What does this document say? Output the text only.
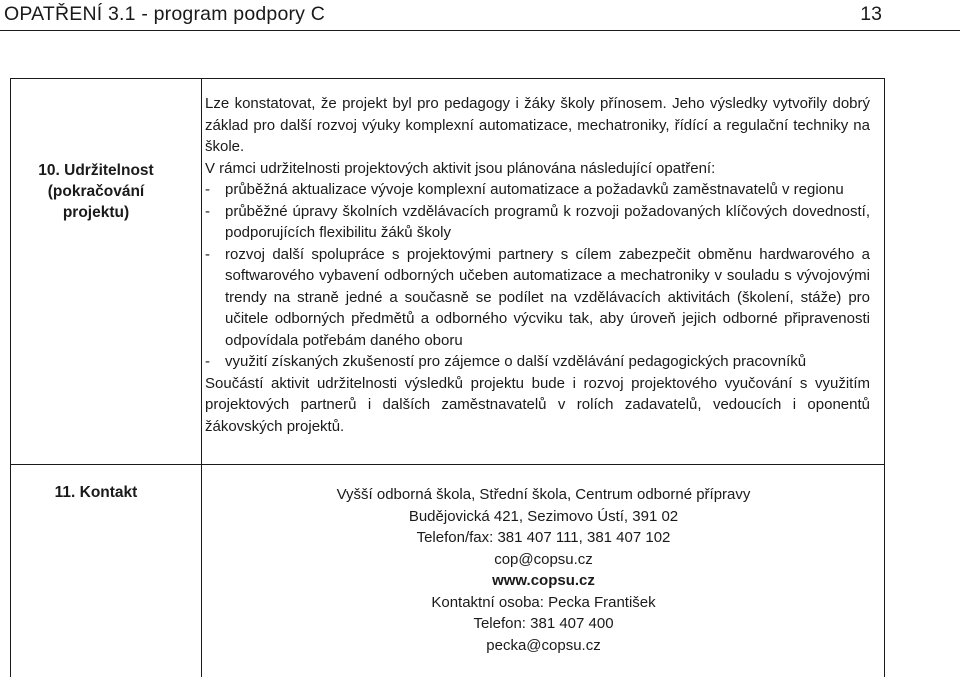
OPATŘENÍ 3.1 - program podpory C	13
10. Udržitelnost
(pokračování
projektu)
11. Kontakt

Lze konstatovat, že projekt byl pro pedagogy i žáky školy přínosem. Jeho výsledky vytvořily dobrý základ pro další rozvoj výuky komplexní automatizace, mechatroniky, řídící a regulační techniky na škole.

V rámci udržitelnosti projektových aktivit jsou plánována následující opatření:

- průběžná aktualizace vývoje komplexní automatizace a požadavků zaměstnavatelů v regionu
- průběžné úpravy školních vzdělávacích programů k rozvoji požadovaných klíčových dovedností, podporujících flexibilitu žáků školy
- rozvoj další spolupráce s projektovými partnery s cílem zabezpečit obměnu hardwarového a softwarového vybavení odborných učeben automatizace a mechatroniky v souladu s vývojovými trendy na straně jedné a současně se podílet na vzdělávacích aktivitách (školení, stáže) pro učitele odborných předmětů a odborného výcviku tak, aby úroveň jejich odborné připravenosti odpovídala potřebám daného oboru
- využití získaných zkušeností pro zájemce o další vzdělávání pedagogických pracovníků

Součástí aktivit udržitelnosti výsledků projektu bude i rozvoj projektového vyučování s využitím projektových partnerů i dalších zaměstnavatelů v rolích zadavatelů, vedoucích i oponentů žákovských projektů.

Vyšší odborná škola, Střední škola, Centrum odborné přípravy
Budějovická 421, Sezimovo Ústí, 391 02
Telefon/fax: 381 407 111, 381 407 102
cop@copsu.cz
www.copsu.cz
Kontaktní osoba: Pecka František
Telefon: 381 407 400
pecka@copsu.cz
